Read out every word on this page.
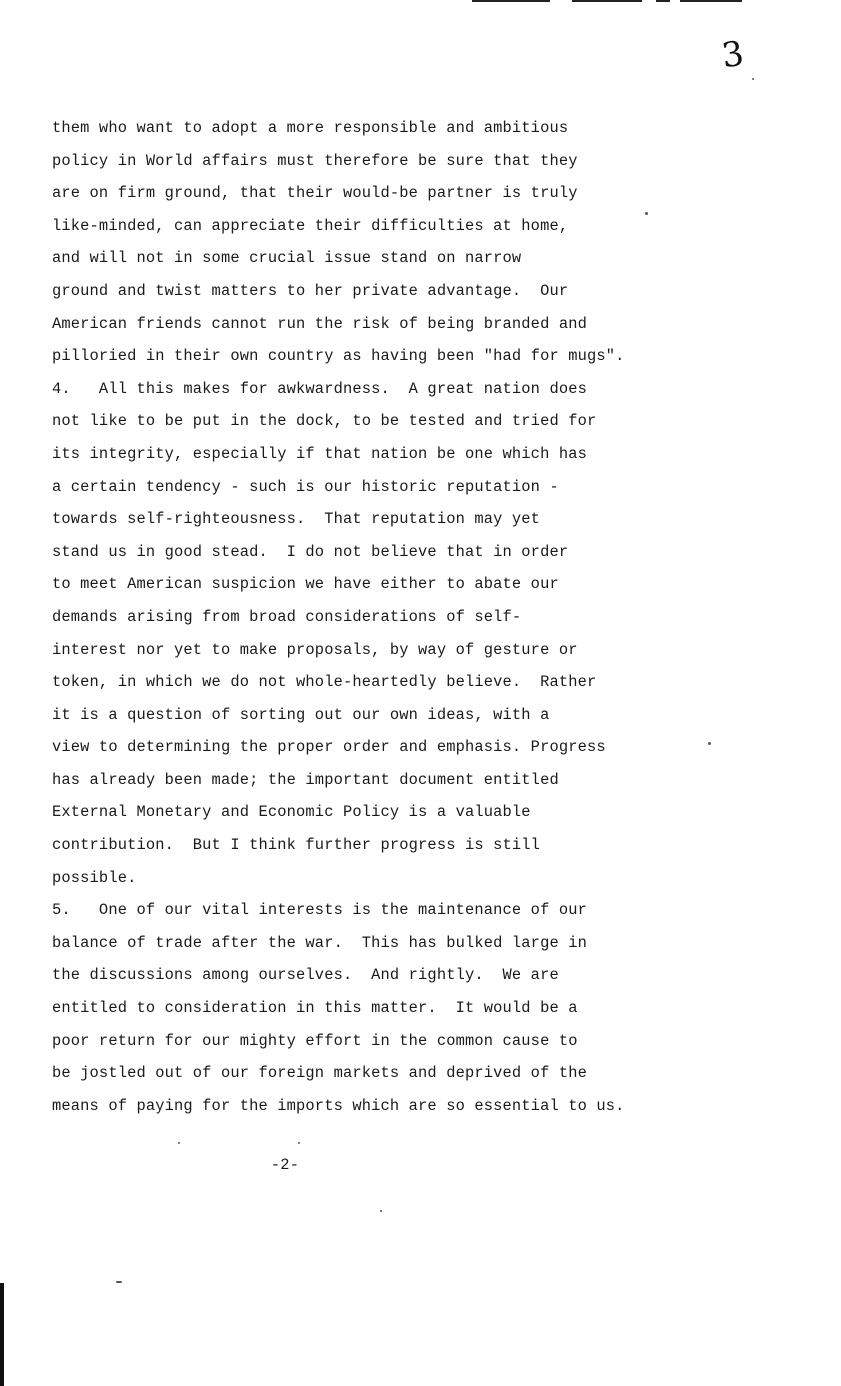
3
them who want to adopt a more responsible and ambitious
policy in World affairs must therefore be sure that they
are on firm ground, that their would-be partner is truly
like-minded, can appreciate their difficulties at home,
and will not in some crucial issue stand on narrow
ground and twist matters to her private advantage.  Our
American friends cannot run the risk of being branded and
pilloried in their own country as having been "had for mugs".
4.   All this makes for awkwardness.  A great nation does
not like to be put in the dock, to be tested and tried for
its integrity, especially if that nation be one which has
a certain tendency - such is our historic reputation -
towards self-righteousness.  That reputation may yet
stand us in good stead.  I do not believe that in order
to meet American suspicion we have either to abate our
demands arising from broad considerations of self-
interest nor yet to make proposals, by way of gesture or
token, in which we do not whole-heartedly believe.  Rather
it is a question of sorting out our own ideas, with a
view to determining the proper order and emphasis. Progress
has already been made; the important document entitled
External Monetary and Economic Policy is a valuable
contribution.  But I think further progress is still
possible.
5.   One of our vital interests is the maintenance of our
balance of trade after the war.  This has bulked large in
the discussions among ourselves.  And rightly.  We are
entitled to consideration in this matter.  It would be a
poor return for our mighty effort in the common cause to
be jostled out of our foreign markets and deprived of the
means of paying for the imports which are so essential to us.
-2-
